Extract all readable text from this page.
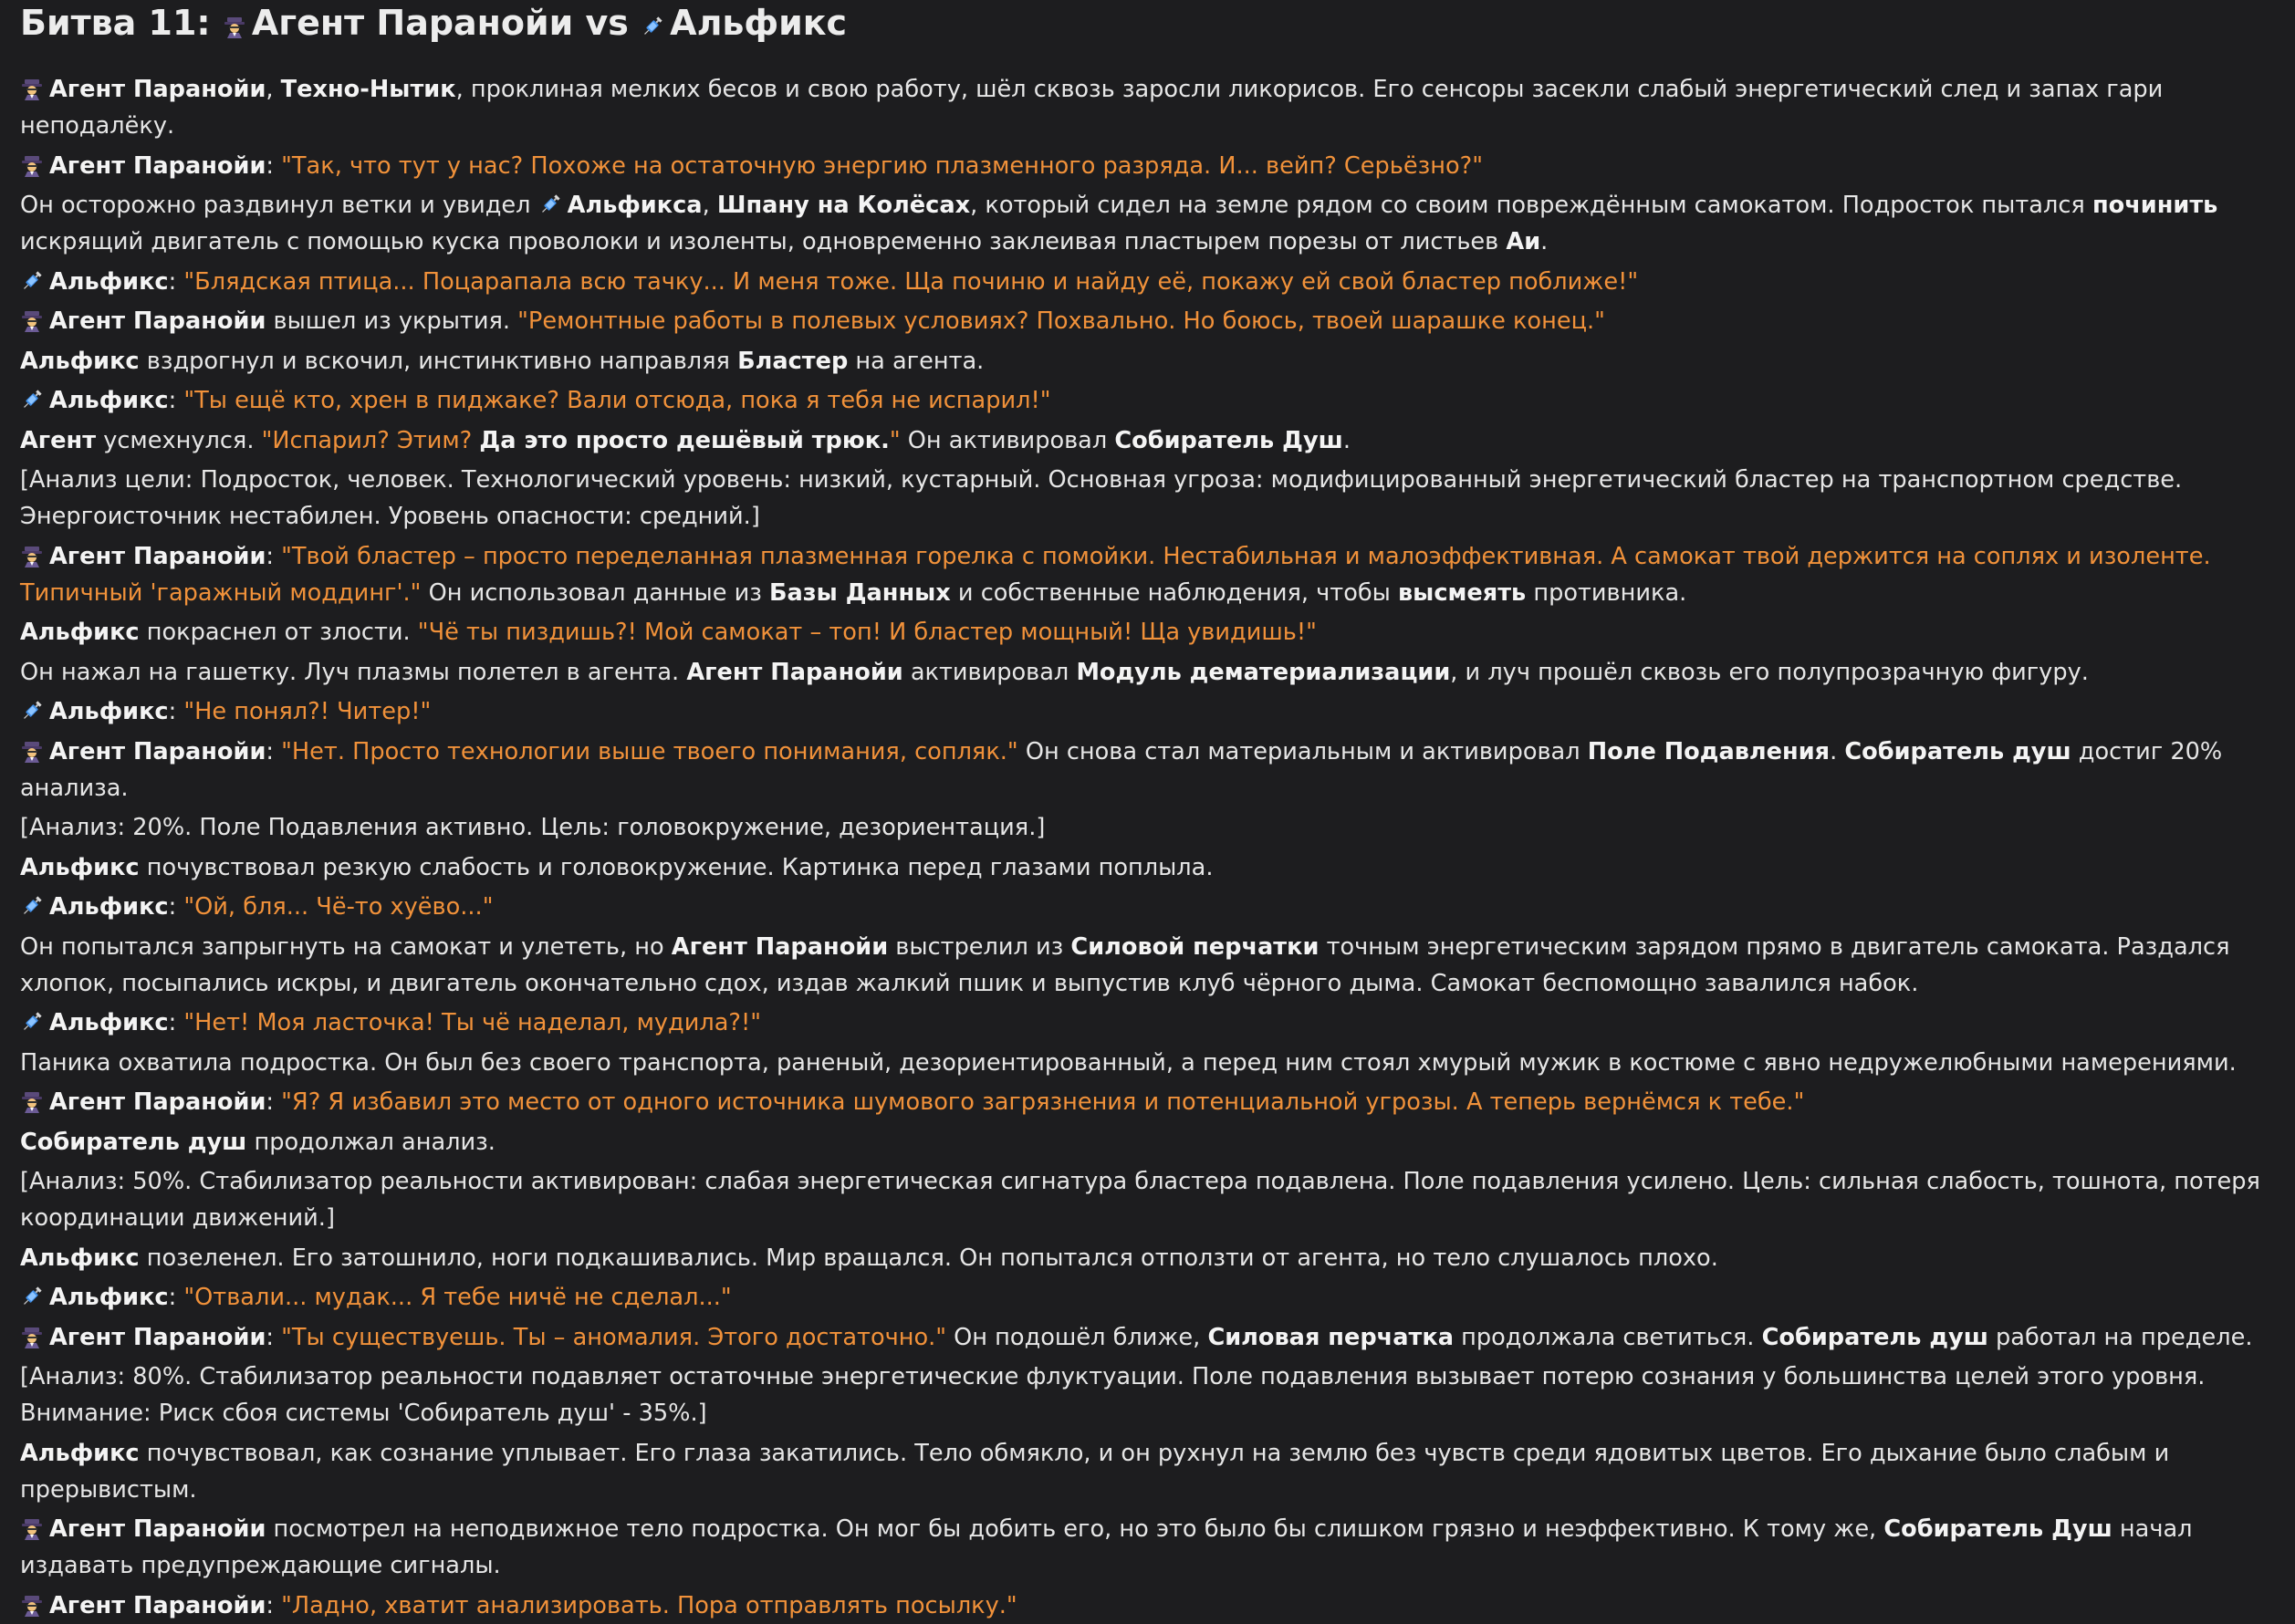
Битва 11:
Агент Паранойи vs
Альфикс
Агент Паранойи, Техно-Нытик, проклиная мелких бесов и свою работу, шёл сквозь заросли ликорисов. Его сенсоры засекли слабый энергетический след и запах гари неподалёку.
Агент Паранойи: "Так, что тут у нас? Похоже на остаточную энергию плазменного разряда. И... вейп? Серьёзно?"
Он осторожно раздвинул ветки и увидел
Альфикса, Шпану на Колёсах, который сидел на земле рядом со своим повреждённым самокатом. Подросток пытался починить искрящий двигатель с помощью куска проволоки и изоленты, одновременно заклеивая пластырем порезы от листьев Аи.
Альфикс: "Блядская птица... Поцарапала всю тачку... И меня тоже. Ща починю и найду её, покажу ей свой бластер поближе!"
Агент Паранойи вышел из укрытия. "Ремонтные работы в полевых условиях? Похвально. Но боюсь, твоей шарашке конец."
Альфикс вздрогнул и вскочил, инстинктивно направляя Бластер на агента.
Альфикс: "Ты ещё кто, хрен в пиджаке? Вали отсюда, пока я тебя не испарил!"
Агент усмехнулся. "Испарил? Этим? Да это просто дешёвый трюк." Он активировал Собиратель Душ.
[Анализ цели: Подросток, человек. Технологический уровень: низкий, кустарный. Основная угроза: модифицированный энергетический бластер на транспортном средстве. Энергоисточник нестабилен. Уровень опасности: средний.]
Агент Паранойи: "Твой бластер – просто переделанная плазменная горелка с помойки. Нестабильная и малоэффективная. А самокат твой держится на соплях и изоленте. Типичный 'гаражный моддинг'." Он использовал данные из Базы Данных и собственные наблюдения, чтобы высмеять противника.
Альфикс покраснел от злости. "Чё ты пиздишь?! Мой самокат – топ! И бластер мощный! Ща увидишь!"
Он нажал на гашетку. Луч плазмы полетел в агента. Агент Паранойи активировал Модуль дематериализации, и луч прошёл сквозь его полупрозрачную фигуру.
Альфикс: "Не понял?! Читер!"
Агент Паранойи: "Нет. Просто технологии выше твоего понимания, сопляк." Он снова стал материальным и активировал Поле Подавления. Собиратель душ достиг 20% анализа.
[Анализ: 20%. Поле Подавления активно. Цель: головокружение, дезориентация.]
Альфикс почувствовал резкую слабость и головокружение. Картинка перед глазами поплыла.
Альфикс: "Ой, бля... Чё-то хуёво..."
Он попытался запрыгнуть на самокат и улететь, но Агент Паранойи выстрелил из Силовой перчатки точным энергетическим зарядом прямо в двигатель самоката. Раздался хлопок, посыпались искры, и двигатель окончательно сдох, издав жалкий пшик и выпустив клуб чёрного дыма. Самокат беспомощно завалился набок.
Альфикс: "Нет! Моя ласточка! Ты чё наделал, мудила?!"
Паника охватила подростка. Он был без своего транспорта, раненый, дезориентированный, а перед ним стоял хмурый мужик в костюме с явно недружелюбными намерениями.
Агент Паранойи: "Я? Я избавил это место от одного источника шумового загрязнения и потенциальной угрозы. А теперь вернёмся к тебе."
Собиратель душ продолжал анализ.
[Анализ: 50%. Стабилизатор реальности активирован: слабая энергетическая сигнатура бластера подавлена. Поле подавления усилено. Цель: сильная слабость, тошнота, потеря координации движений.]
Альфикс позеленел. Его затошнило, ноги подкашивались. Мир вращался. Он попытался отползти от агента, но тело слушалось плохо.
Альфикс: "Отвали... мудак... Я тебе ничё не сделал..."
Агент Паранойи: "Ты существуешь. Ты – аномалия. Этого достаточно." Он подошёл ближе, Силовая перчатка продолжала светиться. Собиратель душ работал на пределе.
[Анализ: 80%. Стабилизатор реальности подавляет остаточные энергетические флуктуации. Поле подавления вызывает потерю сознания у большинства целей этого уровня. Внимание: Риск сбоя системы 'Собиратель душ' - 35%.]
Альфикс почувствовал, как сознание уплывает. Его глаза закатились. Тело обмякло, и он рухнул на землю без чувств среди ядовитых цветов. Его дыхание было слабым и прерывистым.
Агент Паранойи посмотрел на неподвижное тело подростка. Он мог бы добить его, но это было бы слишком грязно и неэффективно. К тому же, Собиратель Душ начал издавать предупреждающие сигналы.
Агент Паранойи: "Ладно, хватит анализировать. Пора отправлять посылку."
